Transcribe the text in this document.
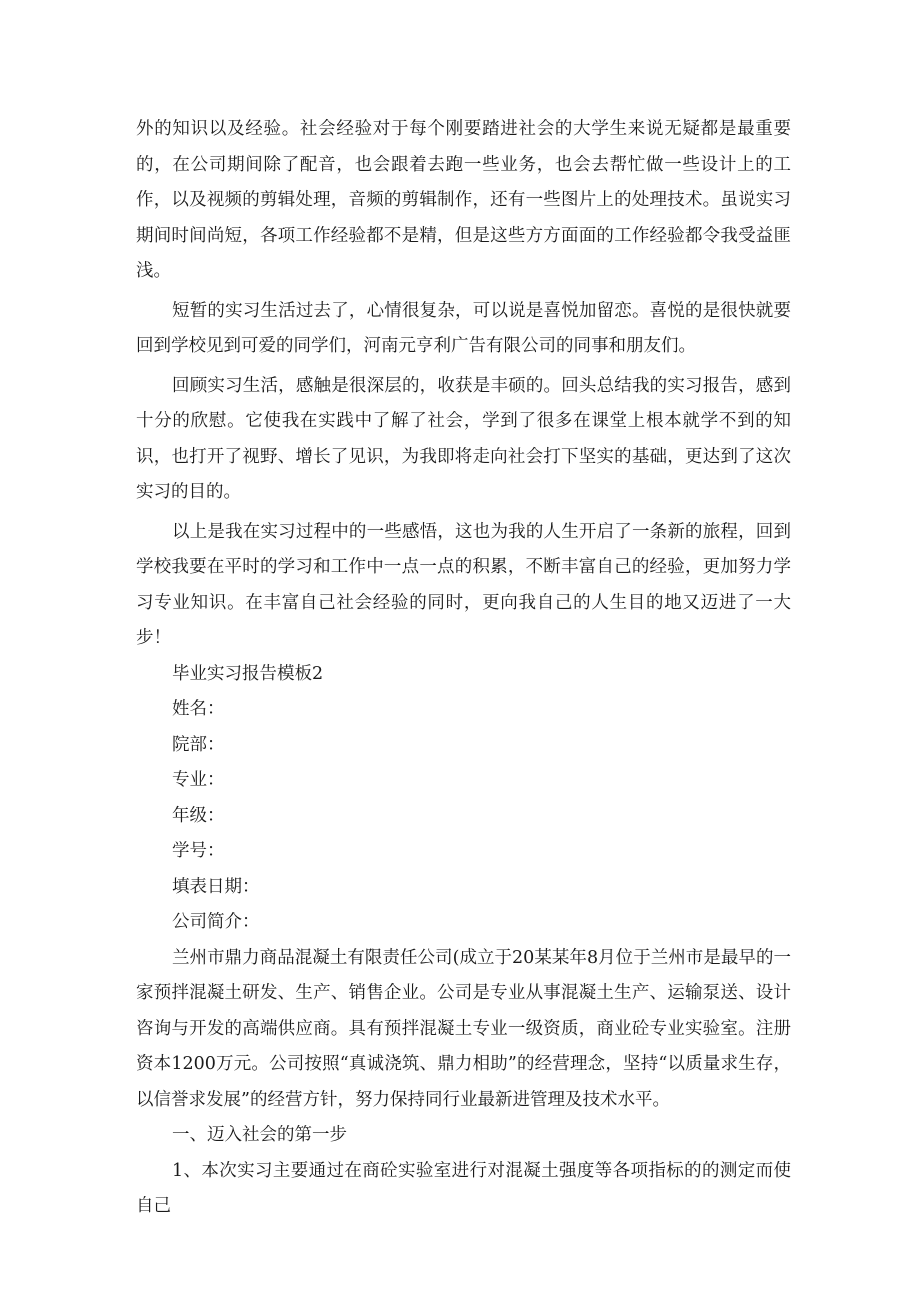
外的知识以及经验。社会经验对于每个刚要踏进社会的大学生来说无疑都是最重要的，在公司期间除了配音，也会跟着去跑一些业务，也会去帮忙做一些设计上的工作，以及视频的剪辑处理，音频的剪辑制作，还有一些图片上的处理技术。虽说实习期间时间尚短，各项工作经验都不是精，但是这些方方面面的工作经验都令我受益匪浅。

短暂的实习生活过去了，心情很复杂，可以说是喜悦加留恋。喜悦的是很快就要回到学校见到可爱的同学们，河南元亨利广告有限公司的同事和朋友们。

回顾实习生活，感触是很深层的，收获是丰硕的。回头总结我的实习报告，感到十分的欣慰。它使我在实践中了解了社会，学到了很多在课堂上根本就学不到的知识，也打开了视野、增长了见识，为我即将走向社会打下坚实的基础，更达到了这次实习的目的。

以上是我在实习过程中的一些感悟，这也为我的人生开启了一条新的旅程，回到学校我要在平时的学习和工作中一点一点的积累，不断丰富自己的经验，更加努力学习专业知识。在丰富自己社会经验的同时，更向我自己的人生目的地又迈进了一大步！

毕业实习报告模板2

姓名：

院部：

专业：

年级：

学号：

填表日期：

公司简介：

兰州市鼎力商品混凝土有限责任公司(成立于20某某年8月位于兰州市是最早的一家预拌混凝土研发、生产、销售企业。公司是专业从事混凝土生产、运输泵送、设计咨询与开发的高端供应商。具有预拌混凝土专业一级资质，商业砼专业实验室。注册资本1200万元。公司按照“真诚浇筑、鼎力相助”的经营理念，坚持“以质量求生存，以信誉求发展”的经营方针，努力保持同行业最新进管理及技术水平。

一、迈入社会的第一步

1、本次实习主要通过在商砼实验室进行对混凝土强度等各项指标的的测定而使自己
